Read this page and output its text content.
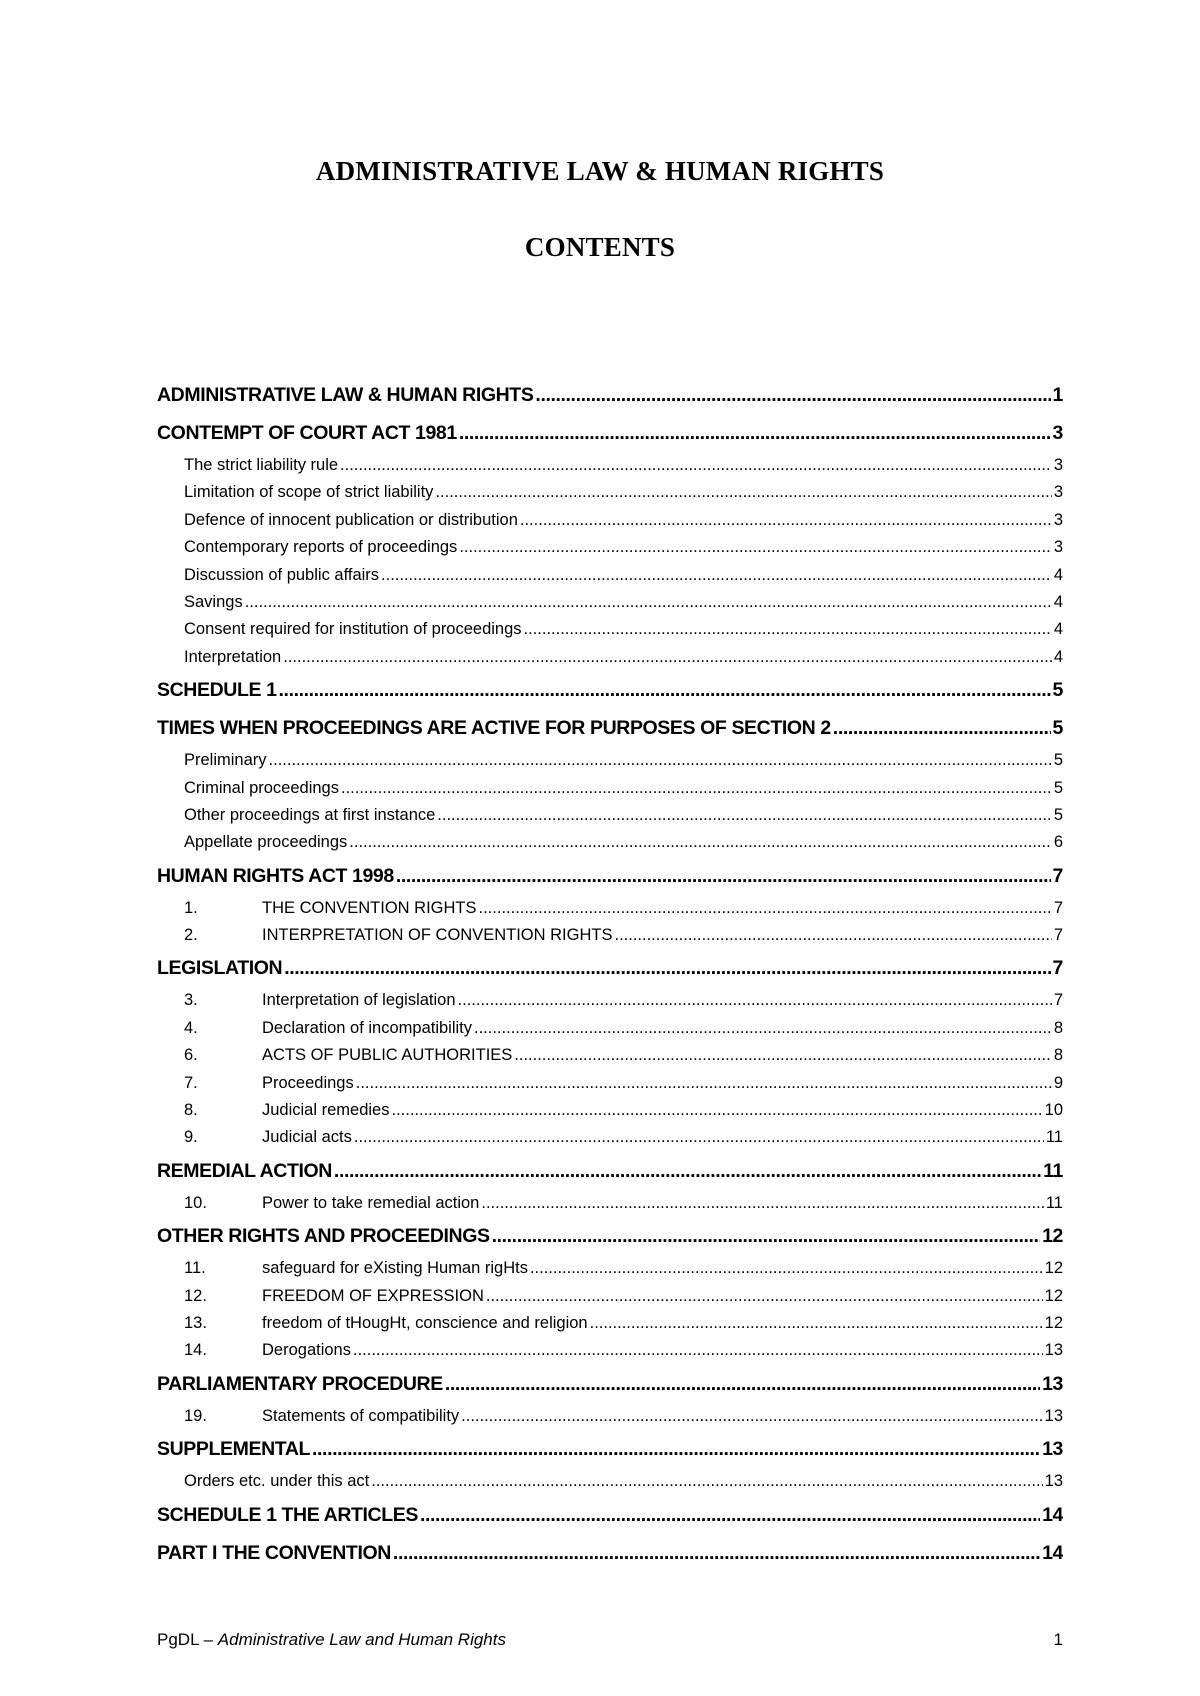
ADMINISTRATIVE LAW & HUMAN RIGHTS
CONTENTS
ADMINISTRATIVE LAW & HUMAN RIGHTS .....	1
CONTEMPT OF COURT ACT 1981 .....	3
The strict liability rule .....	3
Limitation of scope of strict liability .....	3
Defence of innocent publication or distribution .....	3
Contemporary reports of proceedings .....	3
Discussion of public affairs .....	4
Savings .....	4
Consent required for institution of proceedings .....	4
Interpretation .....	4
SCHEDULE 1 .....	5
TIMES WHEN PROCEEDINGS ARE ACTIVE FOR PURPOSES OF SECTION 2 .....	5
Preliminary .....	5
Criminal proceedings .....	5
Other proceedings at first instance .....	5
Appellate proceedings .....	6
HUMAN RIGHTS ACT 1998 .....	7
1.	THE CONVENTION RIGHTS .....	7
2.	INTERPRETATION OF CONVENTION RIGHTS .....	7
LEGISLATION .....	7
3.	Interpretation of legislation .....	7
4.	Declaration of incompatibility .....	8
6.	ACTS OF PUBLIC AUTHORITIES .....	8
7.	Proceedings .....	9
8.	Judicial remedies .....	10
9.	Judicial acts .....	11
REMEDIAL ACTION .....	11
10.	Power to take remedial action .....	11
OTHER RIGHTS AND PROCEEDINGS .....	12
11.	safeguard for eXisting Human rigHts .....	12
12.	FREEDOM OF EXPRESSION .....	12
13.	freedom of tHougHt, conscience and religion .....	12
14.	Derogations .....	13
PARLIAMENTARY PROCEDURE .....	13
19.	Statements of compatibility .....	13
SUPPLEMENTAL .....	13
Orders etc. under this act .....	13
SCHEDULE 1 THE ARTICLES .....	14
PART I THE CONVENTION .....	14
PgDL – Administrative Law and Human Rights	1
